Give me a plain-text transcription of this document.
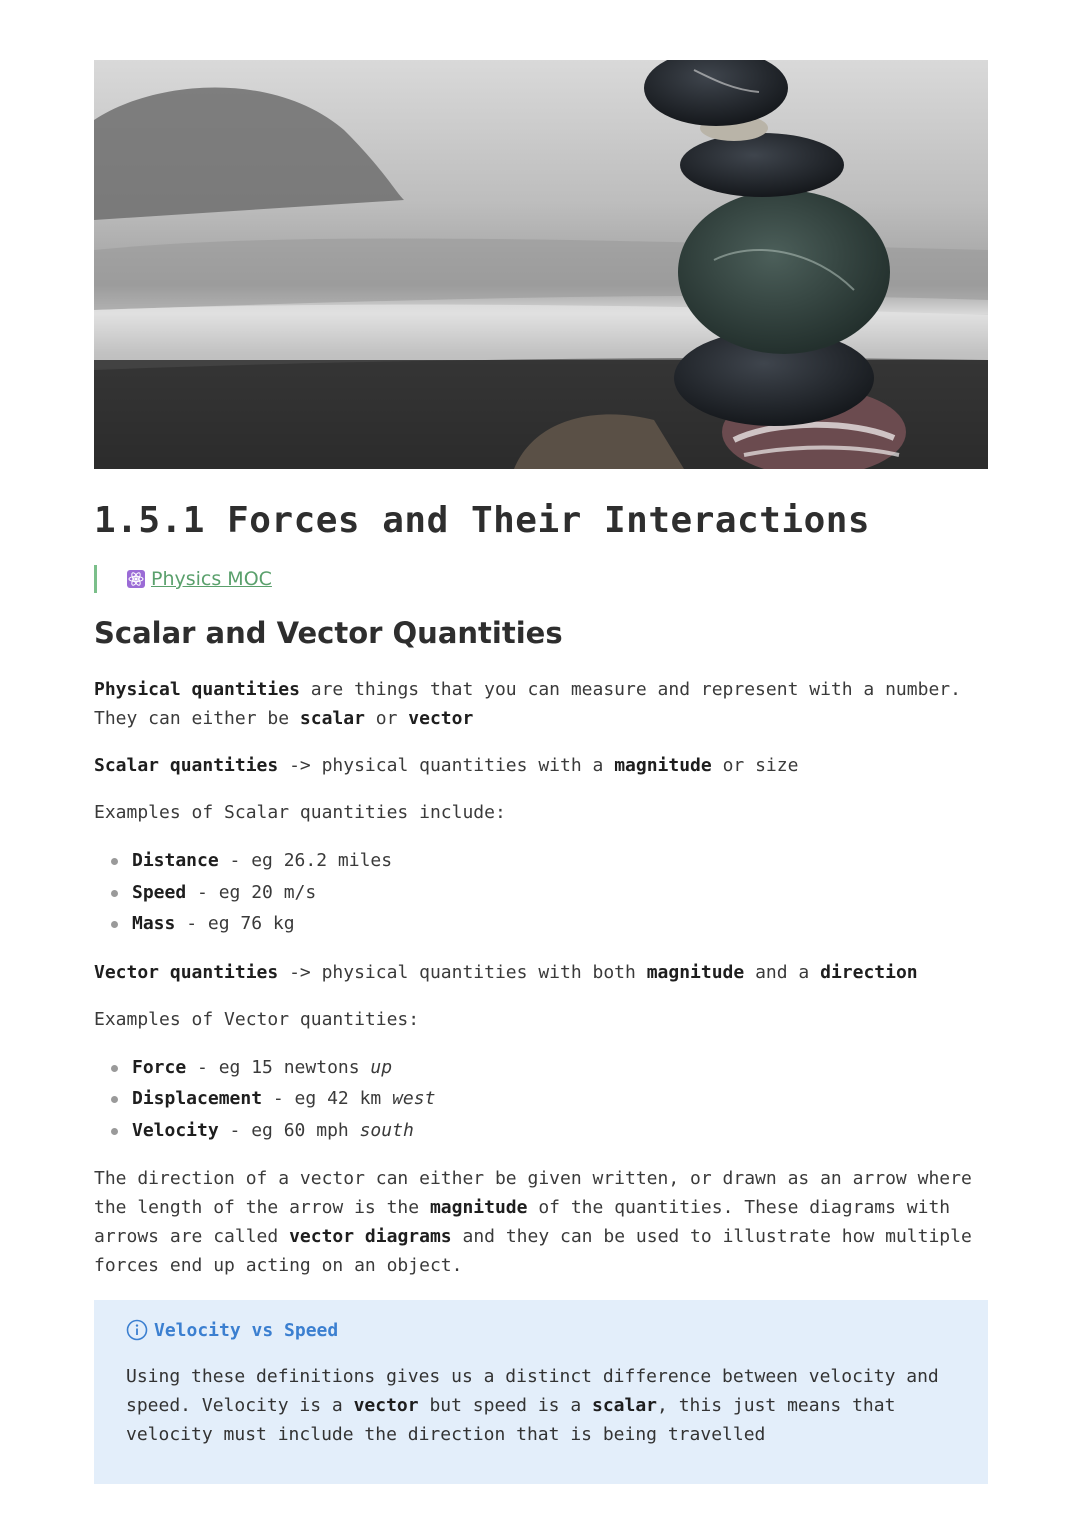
1.5.1 Forces and Their Interactions
Physics MOC
Scalar and Vector Quantities

Physical quantities are things that you can measure and represent with a number. They can either be scalar or vector

Scalar quantities -> physical quantities with a magnitude or size

Examples of Scalar quantities include:

Distance - eg 26.2 miles
Speed - eg 20 m/s
Mass - eg 76 kg

Vector quantities -> physical quantities with both magnitude and a direction

Examples of Vector quantities:

Force - eg 15 newtons up
Displacement - eg 42 km west
Velocity - eg 60 mph south

The direction of a vector can either be given written, or drawn as an arrow where the length of the arrow is the magnitude of the quantities. These diagrams with arrows are called vector diagrams and they can be used to illustrate how multiple forces end up acting on an object.

Velocity vs Speed

Using these definitions gives us a distinct difference between velocity and speed. Velocity is a vector but speed is a scalar, this just means that velocity must include the direction that is being travelled
